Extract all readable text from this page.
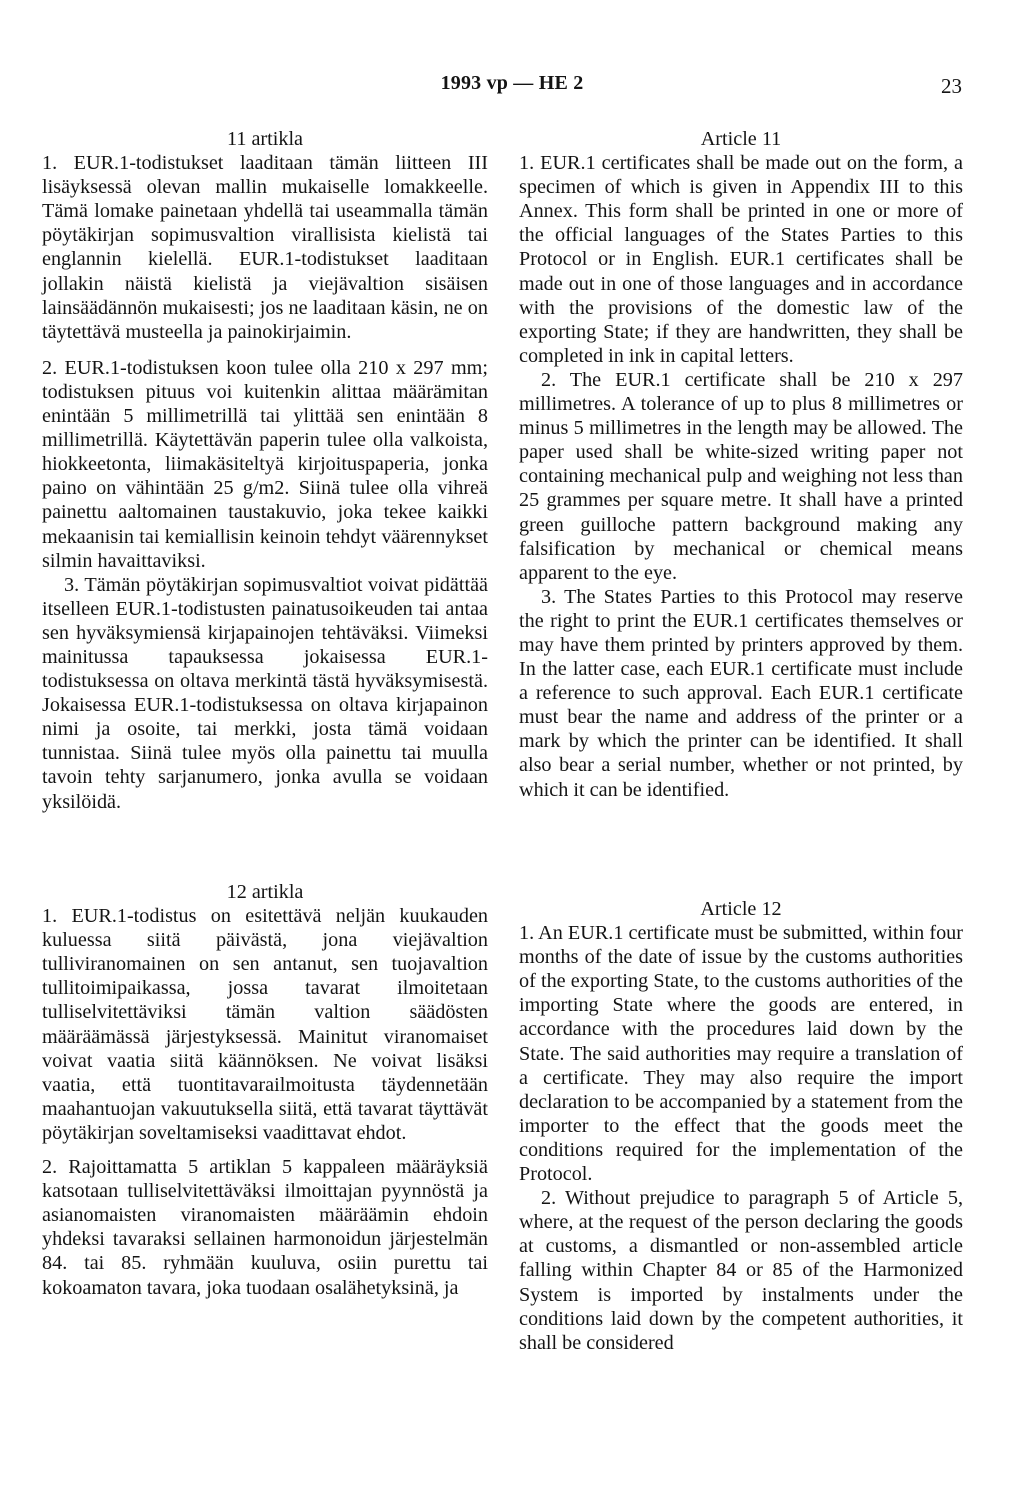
1993 vp — HE 2	23
11 artikla

1. EUR.1-todistukset laaditaan tämän liitteen III lisäyksessä olevan mallin mukaiselle lomakkeelle. Tämä lomake painetaan yhdellä tai useammalla tämän pöytäkirjan sopimusvaltion virallisista kielistä tai englannin kielellä. EUR.1-todistukset laaditaan jollakin näistä kielistä ja viejävaltion sisäisen lainsäädännön mukaisesti; jos ne laaditaan käsin, ne on täytettävä musteella ja painokirjaimin.

2. EUR.1-todistuksen koon tulee olla 210 x 297 mm; todistuksen pituus voi kuitenkin alittaa määrämitan enintään 5 millimetrillä tai ylittää sen enintään 8 millimetrillä. Käytettävän paperin tulee olla valkoista, hiokkeetonta, liimakäsiteltyä kirjoituspaperia, jonka paino on vähintään 25 g/m2. Siinä tulee olla vihreä painettu aaltomainen taustakuvio, joka tekee kaikki mekaanisin tai kemiallisin keinoin tehdyt väärennykset silmin havaittaviksi.

3. Tämän pöytäkirjan sopimusvaltiot voivat pidättää itselleen EUR.1-todistusten painatusoikeuden tai antaa sen hyväksymiensä kirjapainojen tehtäväksi. Viimeksi mainitussa tapauksessa jokaisessa EUR.1-todistuksessa on oltava merkintä tästä hyväksymisestä. Jokaisessa EUR.1-todistuksessa on oltava kirjapainon nimi ja osoite, tai merkki, josta tämä voidaan tunnistaa. Siinä tulee myös olla painettu tai muulla tavoin tehty sarjanumero, jonka avulla se voidaan yksilöidä.

Article 11

1. EUR.1 certificates shall be made out on the form, a specimen of which is given in Appendix III to this Annex. This form shall be printed in one or more of the official languages of the States Parties to this Protocol or in English. EUR.1 certificates shall be made out in one of those languages and in accordance with the provisions of the domestic law of the exporting State; if they are handwritten, they shall be completed in ink in capital letters.

2. The EUR.1 certificate shall be 210 x 297 millimetres. A tolerance of up to plus 8 millimetres or minus 5 millimetres in the length may be allowed. The paper used shall be white-sized writing paper not containing mechanical pulp and weighing not less than 25 grammes per square metre. It shall have a printed green guilloche pattern background making any falsification by mechanical or chemical means apparent to the eye.

3. The States Parties to this Protocol may reserve the right to print the EUR.1 certificates themselves or may have them printed by printers approved by them. In the latter case, each EUR.1 certificate must include a reference to such approval. Each EUR.1 certificate must bear the name and address of the printer or a mark by which the printer can be identified. It shall also bear a serial number, whether or not printed, by which it can be identified.

12 artikla

1. EUR.1-todistus on esitettävä neljän kuukauden kuluessa siitä päivästä, jona viejävaltion tulliviranomainen on sen antanut, sen tuojavaltion tullitoimipaikassa, jossa tavarat ilmoitetaan tulliselvitettäviksi tämän valtion säädösten määräämässä järjestyksessä. Mainitut viranomaiset voivat vaatia siitä käännöksen. Ne voivat lisäksi vaatia, että tuontitavarailmoitusta täydennetään maahantuojan vakuutuksella siitä, että tavarat täyttävät pöytäkirjan soveltamiseksi vaadittavat ehdot.

2. Rajoittamatta 5 artiklan 5 kappaleen määräyksiä katsotaan tulliselvitettäväksi ilmoittajan pyynnöstä ja asianomaisten viranomaisten määräämin ehdoin yhdeksi tavaraksi sellainen harmonoidun järjestelmän 84. tai 85. ryhmään kuuluva, osiin purettu tai kokoamaton tavara, joka tuodaan osalähetyksinä, ja

Article 12

1. An EUR.1 certificate must be submitted, within four months of the date of issue by the customs authorities of the exporting State, to the customs authorities of the importing State where the goods are entered, in accordance with the procedures laid down by the State. The said authorities may require a translation of a certificate. They may also require the import declaration to be accompanied by a statement from the importer to the effect that the goods meet the conditions required for the implementation of the Protocol.

2. Without prejudice to paragraph 5 of Article 5, where, at the request of the person declaring the goods at customs, a dismantled or non-assembled article falling within Chapter 84 or 85 of the Harmonized System is imported by instalments under the conditions laid down by the competent authorities, it shall be considered
